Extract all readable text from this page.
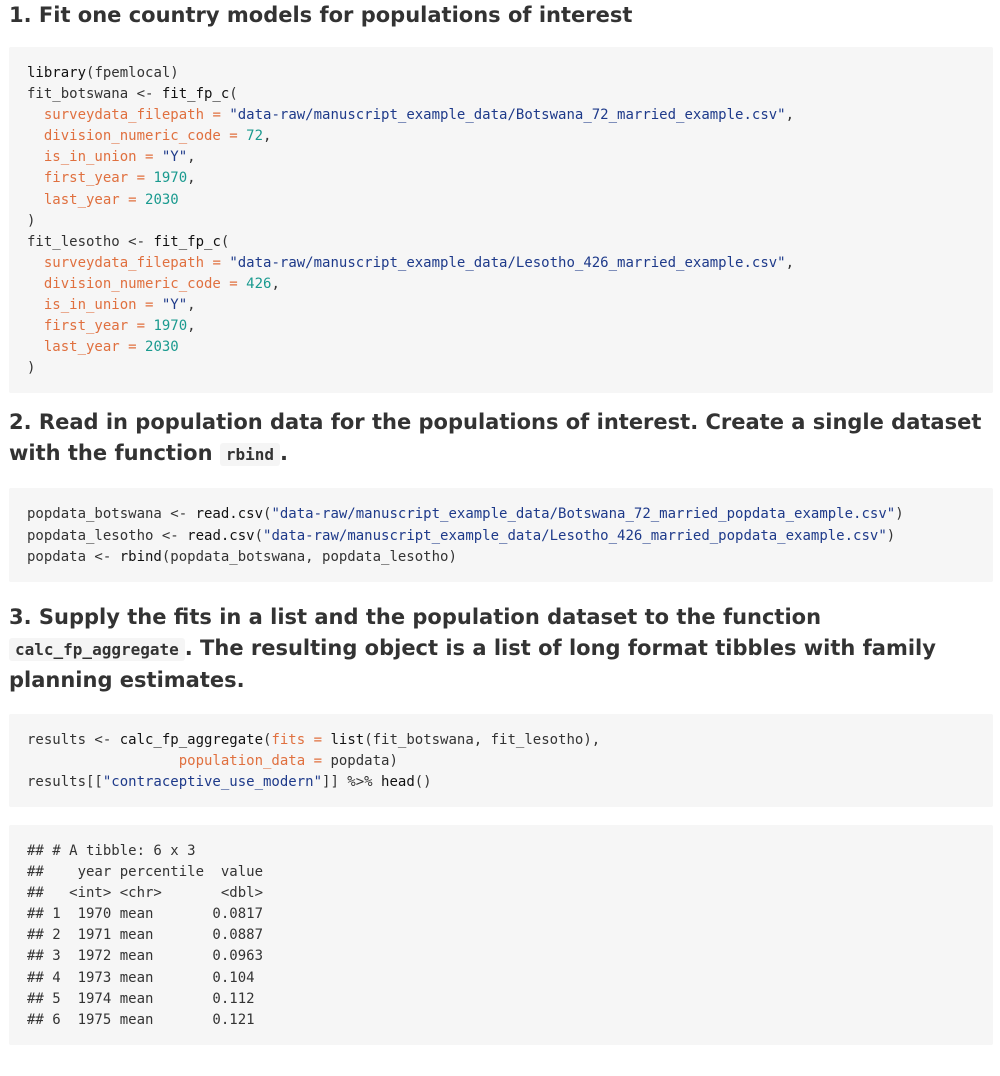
1. Fit one country models for populations of interest
library(fpemlocal)
fit_botswana <- fit_fp_c(
surveydata_filepath = "data-raw/manuscript_example_data/Botswana_72_married_example.csv",
division_numeric_code = 72,
is_in_union = "Y",
first_year = 1970,
last_year = 2030
)
fit_lesotho <- fit_fp_c(
surveydata_filepath = "data-raw/manuscript_example_data/Lesotho_426_married_example.csv",
division_numeric_code = 426,
is_in_union = "Y",
first_year = 1970,
last_year = 2030
)
2. Read in population data for the populations of interest. Create a single dataset with the function rbind .
popdata_botswana <- read.csv("data-raw/manuscript_example_data/Botswana_72_married_popdata_example.csv")
popdata_lesotho <- read.csv("data-raw/manuscript_example_data/Lesotho_426_married_popdata_example.csv")
popdata <- rbind(popdata_botswana, popdata_lesotho)
3. Supply the fits in a list and the population dataset to the function calc_fp_aggregate . The resulting object is a list of long format tibbles with family planning estimates.
results <- calc_fp_aggregate(fits = list(fit_botswana, fit_lesotho),
population_data = popdata)
results[["contraceptive_use_modern"]] %>% head()
## # A tibble: 6 x 3
##    year percentile  value
##   <int> <chr>       <dbl>
## 1  1970 mean       0.0817
## 2  1971 mean       0.0887
## 3  1972 mean       0.0963
## 4  1973 mean       0.104
## 5  1974 mean       0.112
## 6  1975 mean       0.121
